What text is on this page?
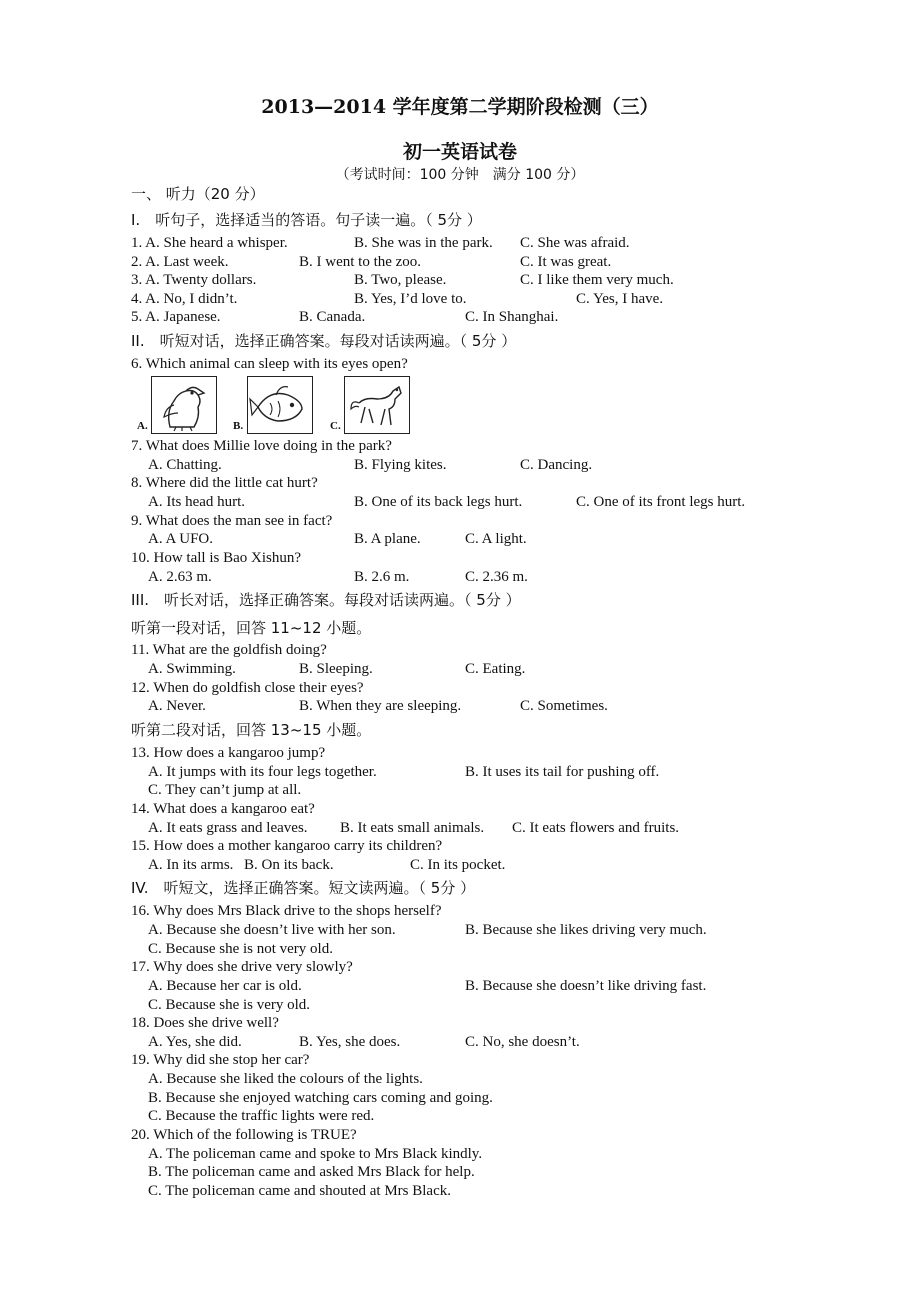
2013—2014 学年度第二学期阶段检测（三）
初一英语试卷
（考试时间：100 分钟　满分 100 分）
一、 听力（20 分）
I.　听句子，选择适当的答语。句子读一遍。（ 5分 ）
1. A. She heard a whisper.	B. She was in the park. C. She was afraid.
2. A. Last week.	B. I went to the zoo.	C. It was great.
3. A. Twenty dollars.	B. Two, please.	C. I like them very much.
4. A. No, I didn’t.	B. Yes, I’d love to.	C. Yes, I have.
5. A. Japanese.	B. Canada.	C. In Shanghai.
II.　听短对话，选择正确答案。每段对话读两遍。（ 5分 ）
6. Which animal can sleep with its eyes open?
A.	B.	C.
7. What does Millie love doing in the park?
A. Chatting.	B. Flying kites.	C. Dancing.
8. Where did the little cat hurt?
A. Its head hurt.	B. One of its back legs hurt.	C. One of its front legs hurt.
9. What does the man see in fact?
A. A UFO.	B. A plane.	C. A light.
10. How tall is Bao Xishun?
A. 2.63 m.	B. 2.6 m.	C. 2.36 m.
III.　听长对话，选择正确答案。每段对话读两遍。（ 5分 ）
听第一段对话，回答 11~12 小题。
11. What are the goldfish doing?
A. Swimming.	B. Sleeping.	C. Eating.
12. When do goldfish close their eyes?
A. Never.	B. When they are sleeping.	C. Sometimes.
听第二段对话，回答 13~15 小题。
13. How does a kangaroo jump?
A. It jumps with its four legs together.	B. It uses its tail for pushing off.
C. They can’t jump at all.
14. What does a kangaroo eat?
A. It eats grass and leaves. B. It eats small animals. C. It eats flowers and fruits.
15. How does a mother kangaroo carry its children?
A. In its arms. B. On its back.	C. In its pocket.
IV.　听短文，选择正确答案。短文读两遍。（ 5分 ）
16. Why does Mrs Black drive to the shops herself?
A. Because she doesn’t live with her son.	B. Because she likes driving very much.
C. Because she is not very old.
17. Why does she drive very slowly?
A. Because her car is old.	B. Because she doesn’t like driving fast.
C. Because she is very old.
18. Does she drive well?
A. Yes, she did.	B. Yes, she does.	C. No, she doesn’t.
19. Why did she stop her car?
A. Because she liked the colours of the lights.
B. Because she enjoyed watching cars coming and going.
C. Because the traffic lights were red.
20. Which of the following is TRUE?
A. The policeman came and spoke to Mrs Black kindly.
B. The policeman came and asked Mrs Black for help.
C. The policeman came and shouted at Mrs Black.
